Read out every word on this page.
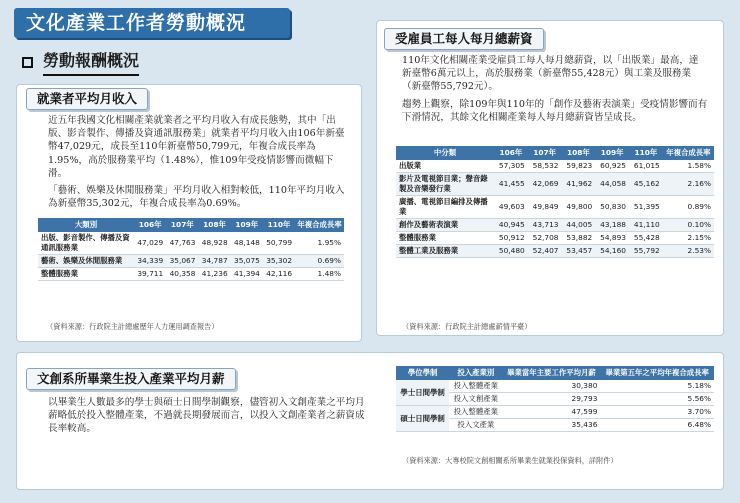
文化產業工作者勞動概況
勞動報酬概況
就業者平均月收入

近五年我國文化相關產業就業者之平均月收入有成長態勢，其中「出版、影音製作、傳播及資通訊服務業」就業者平均月收入由106年新臺幣47,029元，成長至110年新臺幣50,799元，年複合成長率為1.95%，高於服務業平均（1.48%），惟109年受疫情影響而微幅下滑。

「藝術、娛樂及休閒服務業」平均月收入相對較低，110年平均月收入為新臺幣35,302元，年複合成長率為0.69%。

大類別	106年	107年	108年	109年	110年	年複合成長率
出版、影音製作、傳播及資通訊服務業	47,029	47,763	48,928	48,148	50,799	1.95%
藝術、娛樂及休閒服務業	34,339	35,067	34,787	35,075	35,302	0.69%
整體服務業	39,711	40,358	41,236	41,394	42,116	1.48%
（資料來源：行政院主計總處歷年人力運用調查報告）
受雇員工每人每月總薪資

110年文化相關產業受雇員工每人每月總薪資，以「出版業」最高，達新臺幣6萬元以上，高於服務業（新臺幣55,428元）與工業及服務業（新臺幣55,792元）。

趨勢上觀察，除109年與110年的「創作及藝術表演業」受疫情影響而有下滑情況，其餘文化相關產業每人每月總薪資皆呈成長。

中分類	106年	107年	108年	109年	110年	年複合成長率
出版業	57,305	58,532	59,823	60,925	61,015	1.58%
影片及電視節目業；聲音錄製及音樂發行業	41,455	42,069	41,962	44,058	45,162	2.16%
廣播、電視節目編排及傳播業	49,603	49,849	49,800	50,830	51,395	0.89%
創作及藝術表演業	40,945	43,713	44,005	43,188	41,110	0.10%
整體服務業	50,912	52,708	53,882	54,893	55,428	2.15%
整體工業及服務業	50,480	52,407	53,457	54,160	55,792	2.53%
（資料來源：行政院主計總處薪情平臺）
文創系所畢業生投入產業平均月薪

以畢業生人數最多的學士與碩士日間學制觀察，儘管初入文創產業之平均月薪略低於投入整體產業，不過就長期發展而言，以投入文創產業者之薪資成長率較高。

學位學制	投入產業別	畢業當年主要工作平均月薪	畢業第五年之平均年複合成長率
學士日間學制	投入整體產業	30,380	5.18%
	投入文創產業	29,793	5.56%
碩士日間學制	投入整體產業	47,599	3.70%
	投入文產業	35,436	6.48%
（資料來源：大專校院文創相關系所畢業生就業投保資料，詳附件）
